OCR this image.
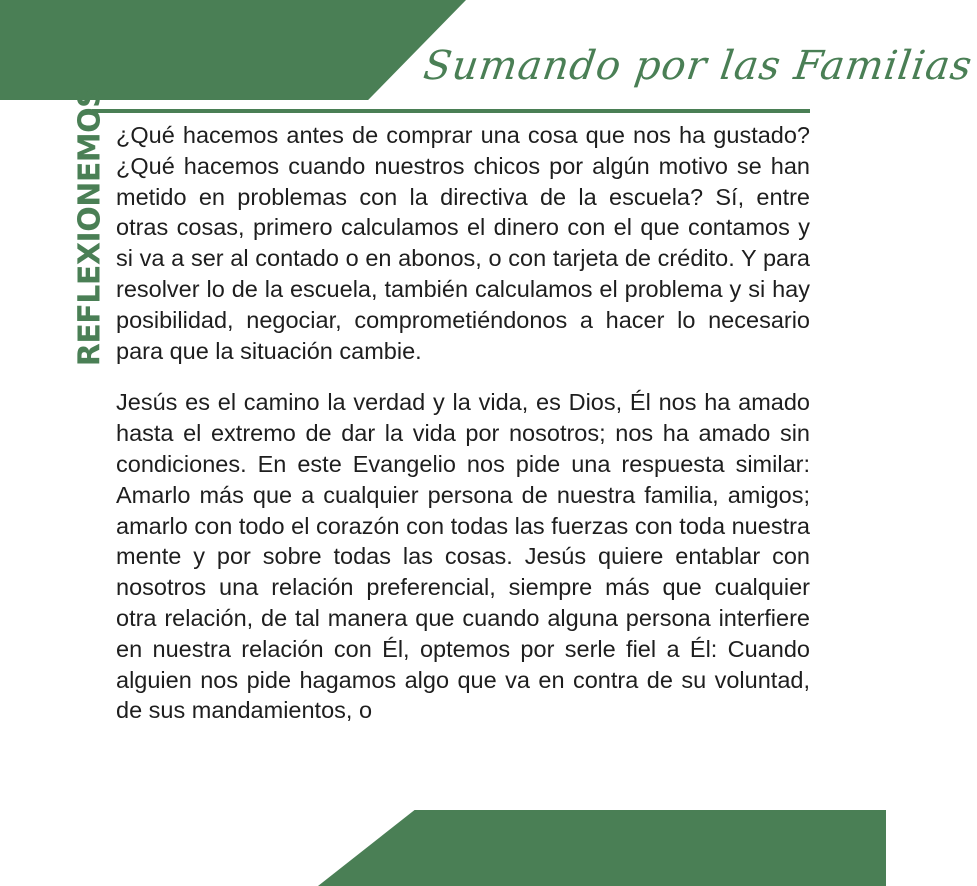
Sumando por las Familias
REFLEXIONEMOS ¿Qué hacemos antes de comprar una cosa que nos ha gustado? ¿Qué hacemos cuando nuestros chicos por algún motivo se han metido en problemas con la directiva de la escuela? Sí, entre otras cosas, primero calculamos el dinero con el que contamos y si va a ser al contado o en abonos, o con tarjeta de crédito. Y para resolver lo de la escuela, también calculamos el problema y si hay posibilidad, negociar, comprometiéndonos a hacer lo necesario para que la situación cambie.

Jesús es el camino la verdad y la vida, es Dios, Él nos ha amado hasta el extremo de dar la vida por nosotros; nos ha amado sin condiciones. En este Evangelio nos pide una respuesta similar: Amarlo más que a cualquier persona de nuestra familia, amigos; amarlo con todo el corazón con todas las fuerzas con toda nuestra mente y por sobre todas las cosas. Jesús quiere entablar con nosotros una relación preferencial, siempre más que cualquier otra relación, de tal manera que cuando alguna persona interfiere en nuestra relación con Él, optemos por serle fiel a Él: Cuando alguien nos pide hagamos algo que va en contra de su voluntad, de sus mandamientos, o
